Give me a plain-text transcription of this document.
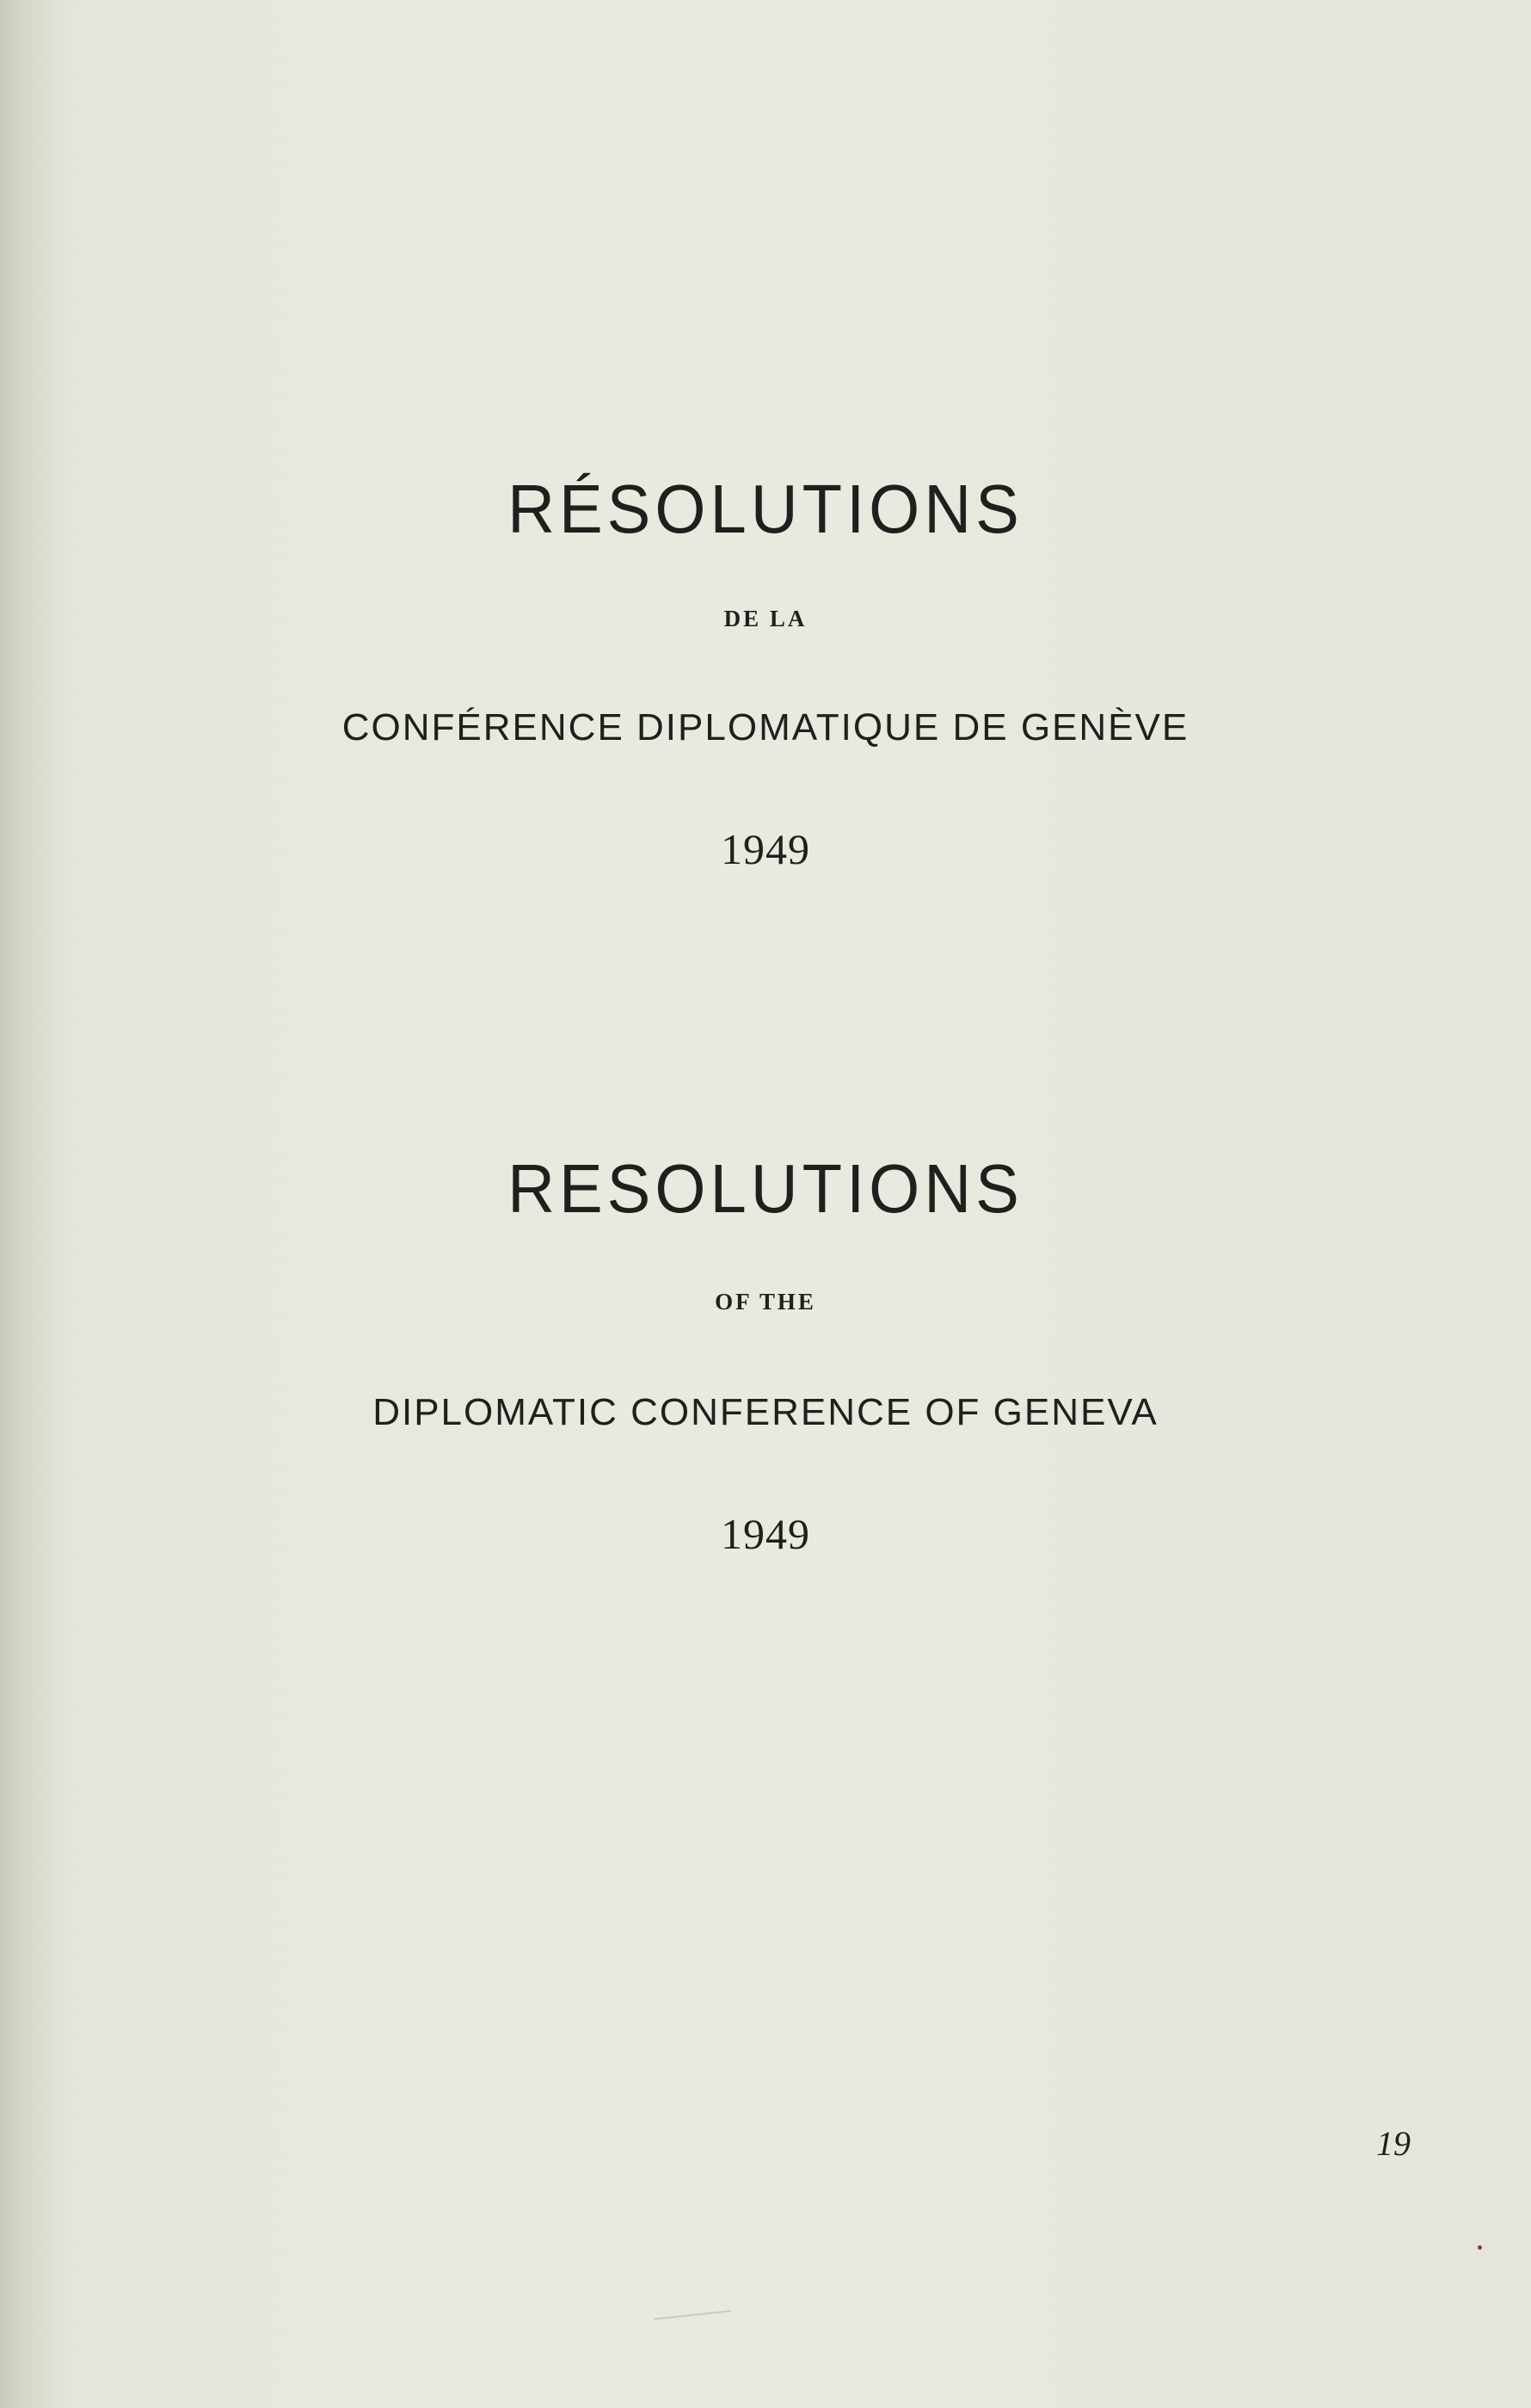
RÉSOLUTIONS
DE LA
CONFÉRENCE DIPLOMATIQUE DE GENÈVE
1949
RESOLUTIONS
OF THE
DIPLOMATIC CONFERENCE OF GENEVA
1949
19
